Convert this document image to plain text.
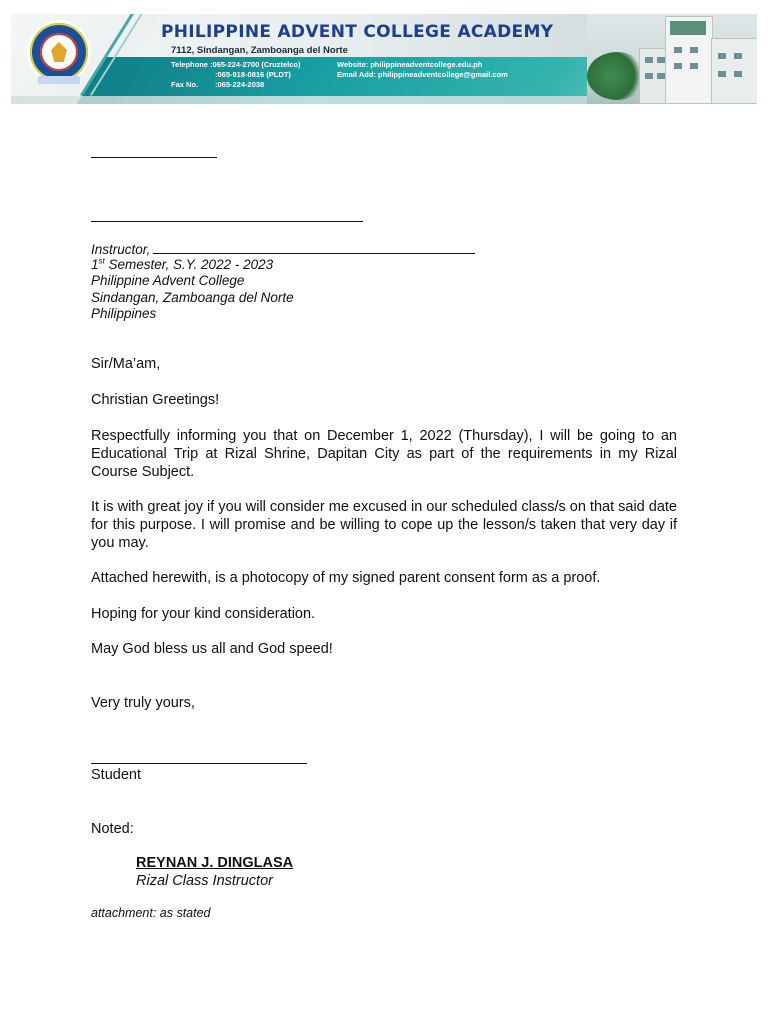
PHILIPPINE ADVENT COLLEGE ACADEMY
7112, Sindangan, Zamboanga del Norte
Telephone :065-224-2700 (Cruztelco)
:065-918-0816 (PLDT)
Fax No. :065-224-2038
Website: philippineadventcollege.edu.ph
Email Add: philippineadventcollege@gmail.com
Instructor,
1st Semester, S.Y. 2022 - 2023
Philippine Advent College
Sindangan, Zamboanga del Norte
Philippines
Sir/Ma’am,
Christian Greetings!
Respectfully informing you that on December 1, 2022 (Thursday), I will be going to an Educational Trip at Rizal Shrine, Dapitan City as part of the requirements in my Rizal Course Subject.
It is with great joy if you will consider me excused in our scheduled class/s on that said date for this purpose. I will promise and be willing to cope up the lesson/s taken that very day if you may.
Attached herewith, is a photocopy of my signed parent consent form as a proof.
Hoping for your kind consideration.
May God bless us all and God speed!
Very truly yours,
Student
Noted:
REYNAN J. DINGLASA
Rizal Class Instructor
attachment: as stated
